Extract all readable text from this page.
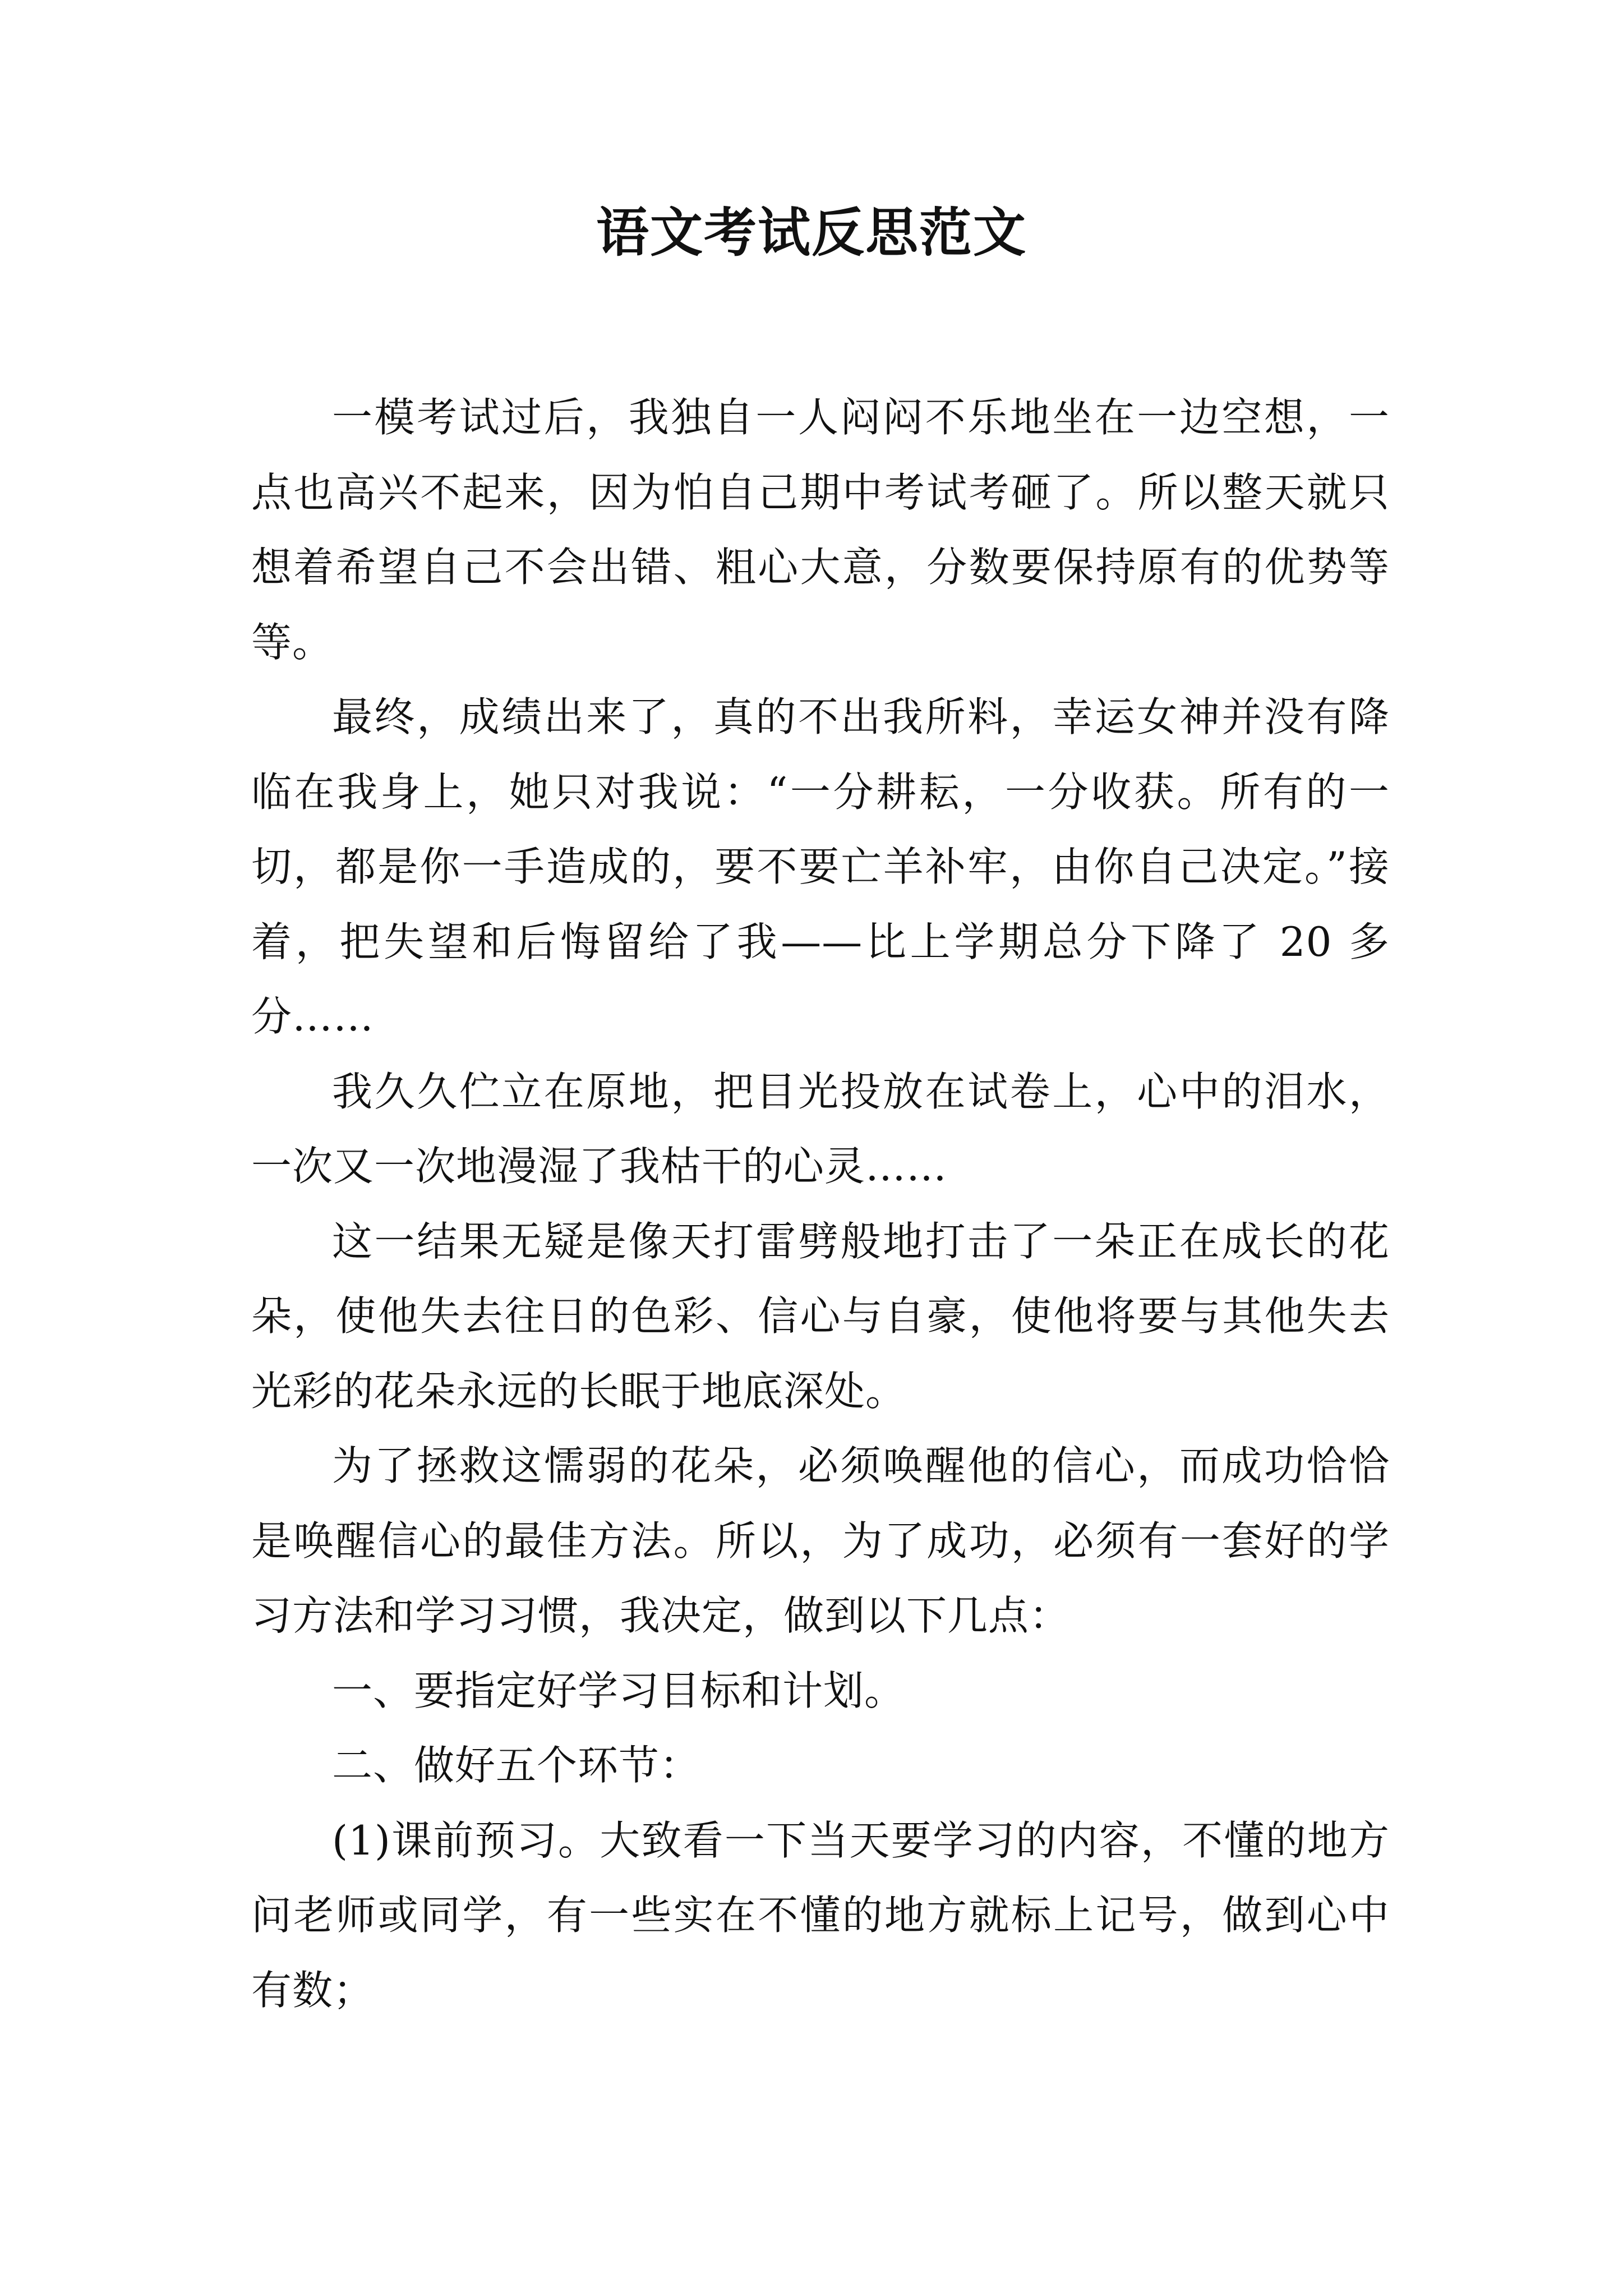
语文考试反思范文

一模考试过后，我独自一人闷闷不乐地坐在一边空想，一点也高兴不起来，因为怕自己期中考试考砸了。所以整天就只想着希望自己不会出错、粗心大意，分数要保持原有的优势等等。

最终，成绩出来了，真的不出我所料，幸运女神并没有降临在我身上，她只对我说：“一分耕耘，一分收获。所有的一切，都是你一手造成的，要不要亡羊补牢，由你自己决定。”接着，把失望和后悔留给了我——比上学期总分下降了 20 多分……

我久久伫立在原地，把目光投放在试卷上，心中的泪水，一次又一次地漫湿了我枯干的心灵……

这一结果无疑是像天打雷劈般地打击了一朵正在成长的花朵，使他失去往日的色彩、信心与自豪，使他将要与其他失去光彩的花朵永远的长眠于地底深处。

为了拯救这懦弱的花朵，必须唤醒他的信心，而成功恰恰是唤醒信心的最佳方法。所以，为了成功，必须有一套好的学习方法和学习习惯，我决定，做到以下几点：

一、要指定好学习目标和计划。

二、做好五个环节：

(1)课前预习。大致看一下当天要学习的内容，不懂的地方问老师或同学，有一些实在不懂的地方就标上记号，做到心中有数；
